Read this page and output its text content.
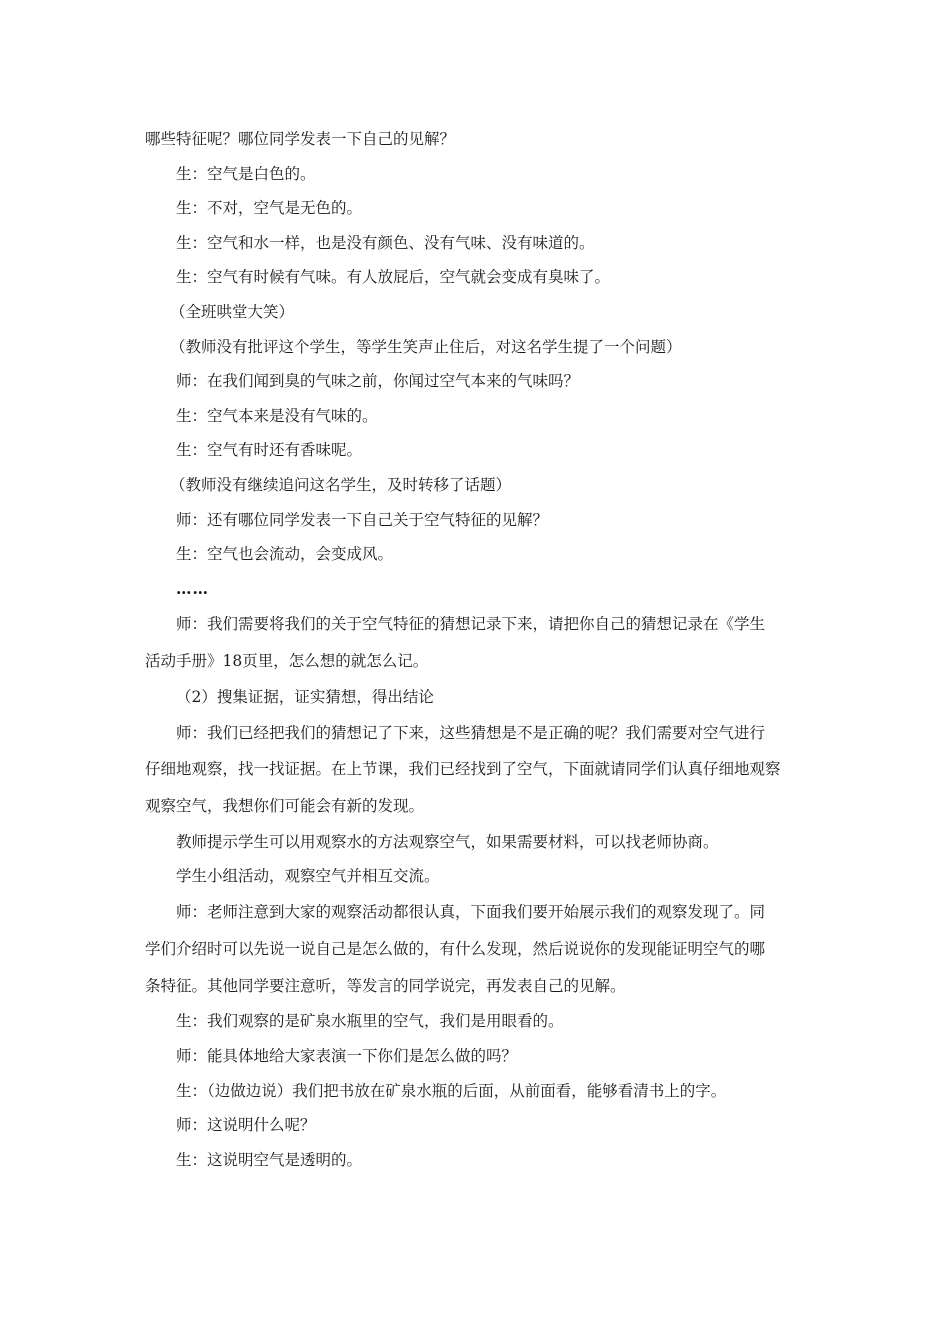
哪些特征呢？哪位同学发表一下自己的见解？
生：空气是白色的。
生：不对，空气是无色的。
生：空气和水一样，也是没有颜色、没有气味、没有味道的。
生：空气有时候有气味。有人放屁后，空气就会变成有臭味了。
（全班哄堂大笑）
（教师没有批评这个学生，等学生笑声止住后，对这名学生提了一个问题）
师：在我们闻到臭的气味之前，你闻过空气本来的气味吗？
生：空气本来是没有气味的。
生：空气有时还有香味呢。
（教师没有继续追问这名学生，及时转移了话题）
师：还有哪位同学发表一下自己关于空气特征的见解？
生：空气也会流动，会变成风。
……
师：我们需要将我们的关于空气特征的猜想记录下来，请把你自己的猜想记录在《学生
活动手册》18页里，怎么想的就怎么记。
（2）搜集证据，证实猜想，得出结论
师：我们已经把我们的猜想记了下来，这些猜想是不是正确的呢？我们需要对空气进行
仔细地观察，找一找证据。在上节课，我们已经找到了空气，下面就请同学们认真仔细地观察
观察空气，我想你们可能会有新的发现。
教师提示学生可以用观察水的方法观察空气，如果需要材料，可以找老师协商。
学生小组活动，观察空气并相互交流。
师：老师注意到大家的观察活动都很认真，下面我们要开始展示我们的观察发现了。同
学们介绍时可以先说一说自己是怎么做的，有什么发现，然后说说你的发现能证明空气的哪
条特征。其他同学要注意听，等发言的同学说完，再发表自己的见解。
生：我们观察的是矿泉水瓶里的空气，我们是用眼看的。
师：能具体地给大家表演一下你们是怎么做的吗？
生：（边做边说）我们把书放在矿泉水瓶的后面，从前面看，能够看清书上的字。
师：这说明什么呢？
生：这说明空气是透明的。
